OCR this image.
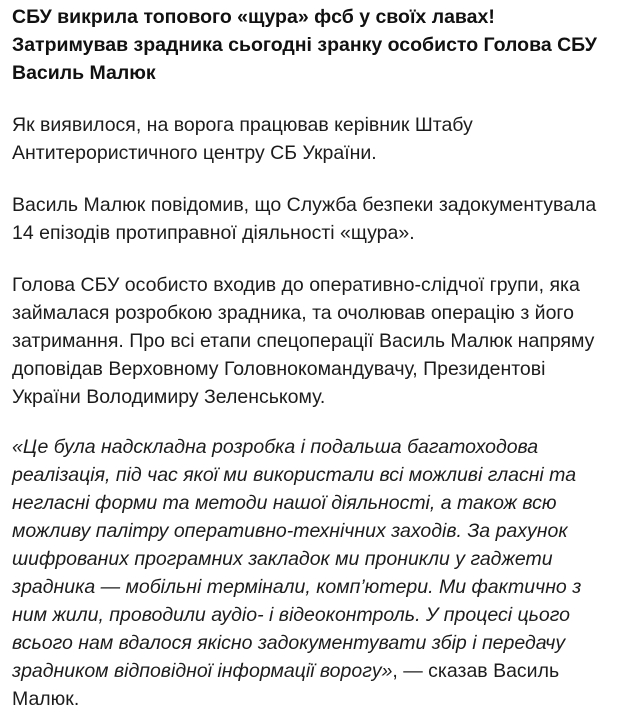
СБУ викрила топового «щура» фсб у своїх лавах! Затримував зрадника сьогодні зранку особисто Голова СБУ Василь Малюк

Як виявилося, на ворога працював керівник Штабу Антитерористичного центру СБ України.

Василь Малюк повідомив, що Служба безпеки задокументувала 14 епізодів протиправної діяльності «щура».

Голова СБУ особисто входив до оперативно-слідчої групи, яка займалася розробкою зрадника, та очолював операцію з його затримання. Про всі етапи спецоперації Василь Малюк напряму доповідав Верховному Головнокомандувачу, Президентові України Володимиру Зеленському.

«Це була надскладна розробка і подальша багатоходова реалізація, під час якої ми використали всі можливі гласні та негласні форми та методи нашої діяльності, а також всю можливу палітру оперативно-технічних заходів. За рахунок шифрованих програмних закладок ми проникли у гаджети зрадника — мобільні термінали, комп’ютери. Ми фактично з ним жили, проводили аудіо- і відеоконтроль. У процесі цього всього нам вдалося якісно задокументувати збір і передачу зрадником відповідної інформації ворогу», — сказав Василь Малюк.
